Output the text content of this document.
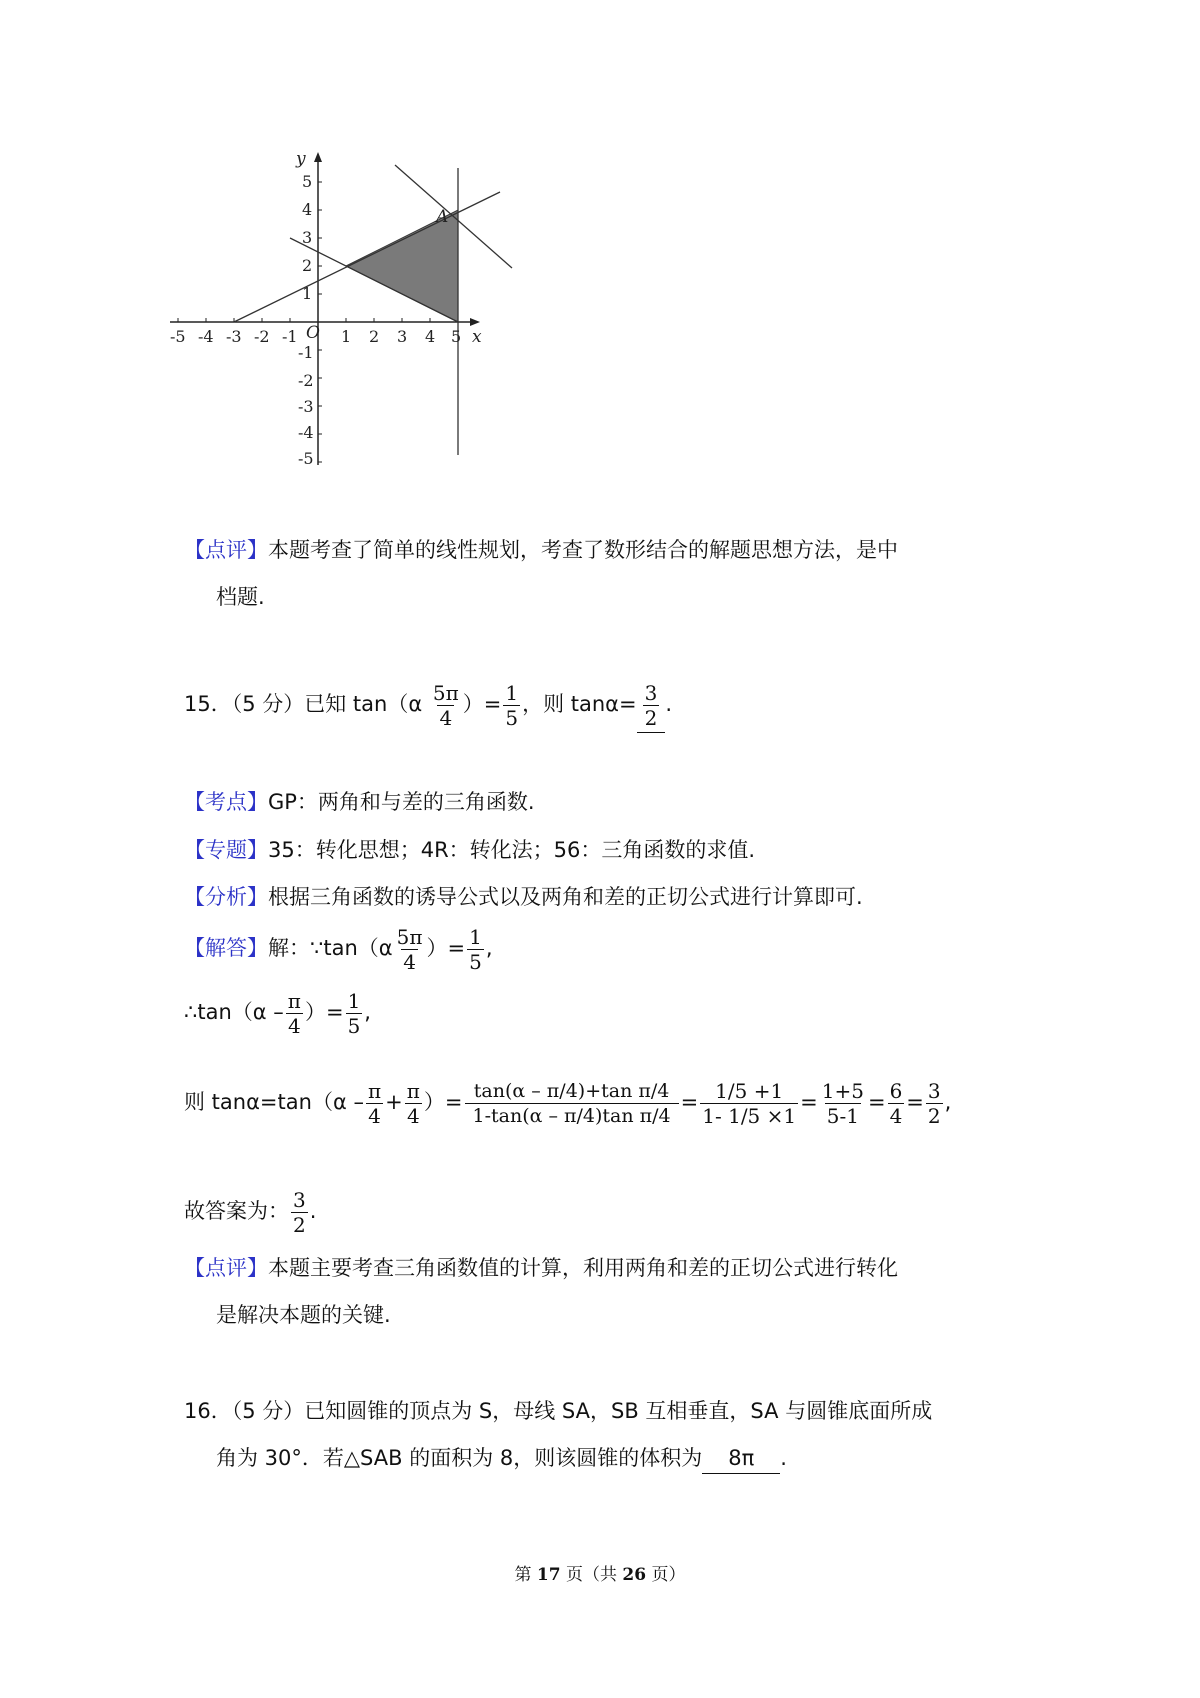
-5 -4 -3 -2 -1	1 2 3 4 5
5
4
3
2
1
-1
-2
-3
-4
-5
x
y
O
A
【点评】本题考查了简单的线性规划，考查了数形结合的解题思想方法，是中
档题.
15．（5 分）已知 $\tan(\alpha \frac{5\pi}{4}$ ）= $\frac{1}{5}$ ，则 $\tan\alpha= \frac{3}{2}$ .
【考点】GP：两角和与差的三角函数.
【专题】35：转化思想；4R：转化法；56：三角函数的求值.
【分析】根据三角函数的诱导公式以及两角和差的正切公式进行计算即可.
【解答】解：∵tan（α $\frac{5\pi}{4}$ ）= $\frac{1}{5}$ ,
∴tan（α – $\frac{\pi}{4}$ ）= $\frac{1}{5}$ ,
则 $\tan\alpha=\tan(\alpha - \frac{\pi}{4} + \frac{\pi}{4}$ ）= $\frac{\text{tan(α – π/4)+tan π/4}}{\text{1-tan(α – π/4)tan π/4}} = \frac{1/5 +1}{1- 1/5 \times 1} = \frac{1+5}{5-1} = \frac{6}{4} = \frac{3}{2}$ ,
故答案为： $\frac{3}{2}$ .
【点评】本题主要考查三角函数值的计算，利用两角和差的正切公式进行转化
是解决本题的关键.
16．（5 分）已知圆锥的顶点为 S，母线 SA，SB 互相垂直，SA 与圆锥底面所成
角为 30°．若△SAB 的面积为 8，则该圆锥的体积为 8π .
第 17 页（共 26 页）
